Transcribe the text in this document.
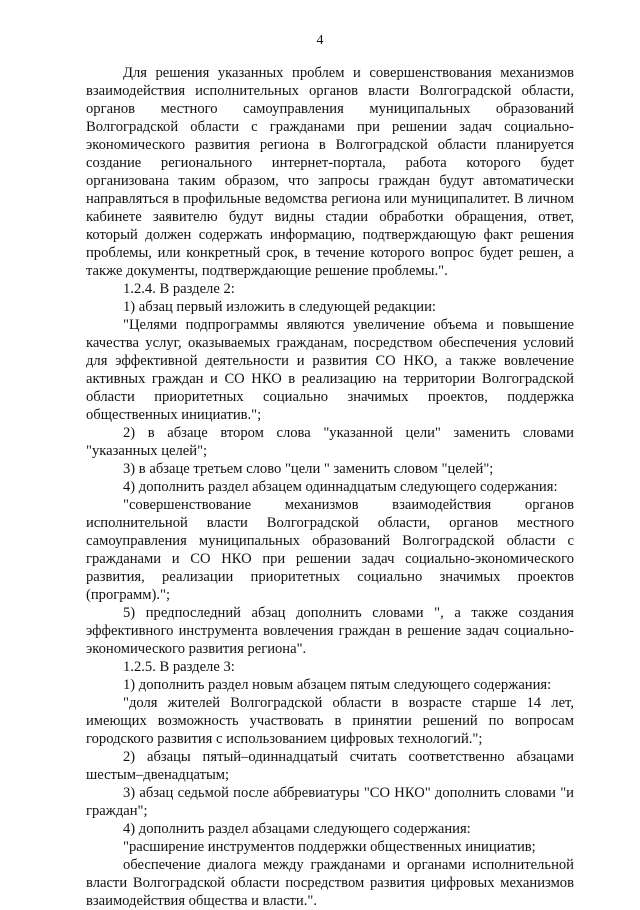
4

Для решения указанных проблем и совершенствования механизмов взаимодействия исполнительных органов власти Волгоградской области, органов местного самоуправления муниципальных образований Волгоградской области с гражданами при решении задач социально-экономического развития региона в Волгоградской области планируется создание регионального интернет-портала, работа которого будет организована таким образом, что запросы граждан будут автоматически направляться в профильные ведомства региона или муниципалитет. В личном кабинете заявителю будут видны стадии обработки обращения, ответ, который должен содержать информацию, подтверждающую факт решения проблемы, или конкретный срок, в течение которого вопрос будет решен, а также документы, подтверждающие решение проблемы.".

1.2.4. В разделе 2:

1) абзац первый изложить в следующей редакции:

"Целями подпрограммы являются увеличение объема и повышение качества услуг, оказываемых гражданам, посредством обеспечения условий для эффективной деятельности и развития СО НКО, а также вовлечение активных граждан и СО НКО в реализацию на территории Волгоградской области приоритетных социально значимых проектов, поддержка общественных инициатив.";

2) в абзаце втором слова "указанной цели" заменить словами "указанных целей";

3) в абзаце третьем слово "цели " заменить словом "целей";

4) дополнить раздел абзацем одиннадцатым следующего содержания:

"совершенствование механизмов взаимодействия органов исполнительной власти Волгоградской области, органов местного самоуправления муниципальных образований Волгоградской области с гражданами и СО НКО при решении задач социально-экономического развития, реализации приоритетных социально значимых проектов (программ).";

5) предпоследний абзац дополнить словами ", а также создания эффективного инструмента вовлечения граждан в решение задач социально-экономического развития региона".

1.2.5. В разделе 3:

1) дополнить раздел новым абзацем пятым следующего содержания:

"доля жителей Волгоградской области в возрасте старше 14 лет, имеющих возможность участвовать в принятии решений по вопросам городского развития с использованием цифровых технологий.";

2) абзацы пятый–одиннадцатый считать соответственно абзацами шестым–двенадцатым;

3) абзац седьмой после аббревиатуры "СО НКО" дополнить словами "и граждан";

4) дополнить раздел абзацами следующего содержания:

"расширение инструментов поддержки общественных инициатив;

обеспечение диалога между гражданами и органами исполнительной власти Волгоградской области посредством развития цифровых механизмов взаимодействия общества и власти.".
